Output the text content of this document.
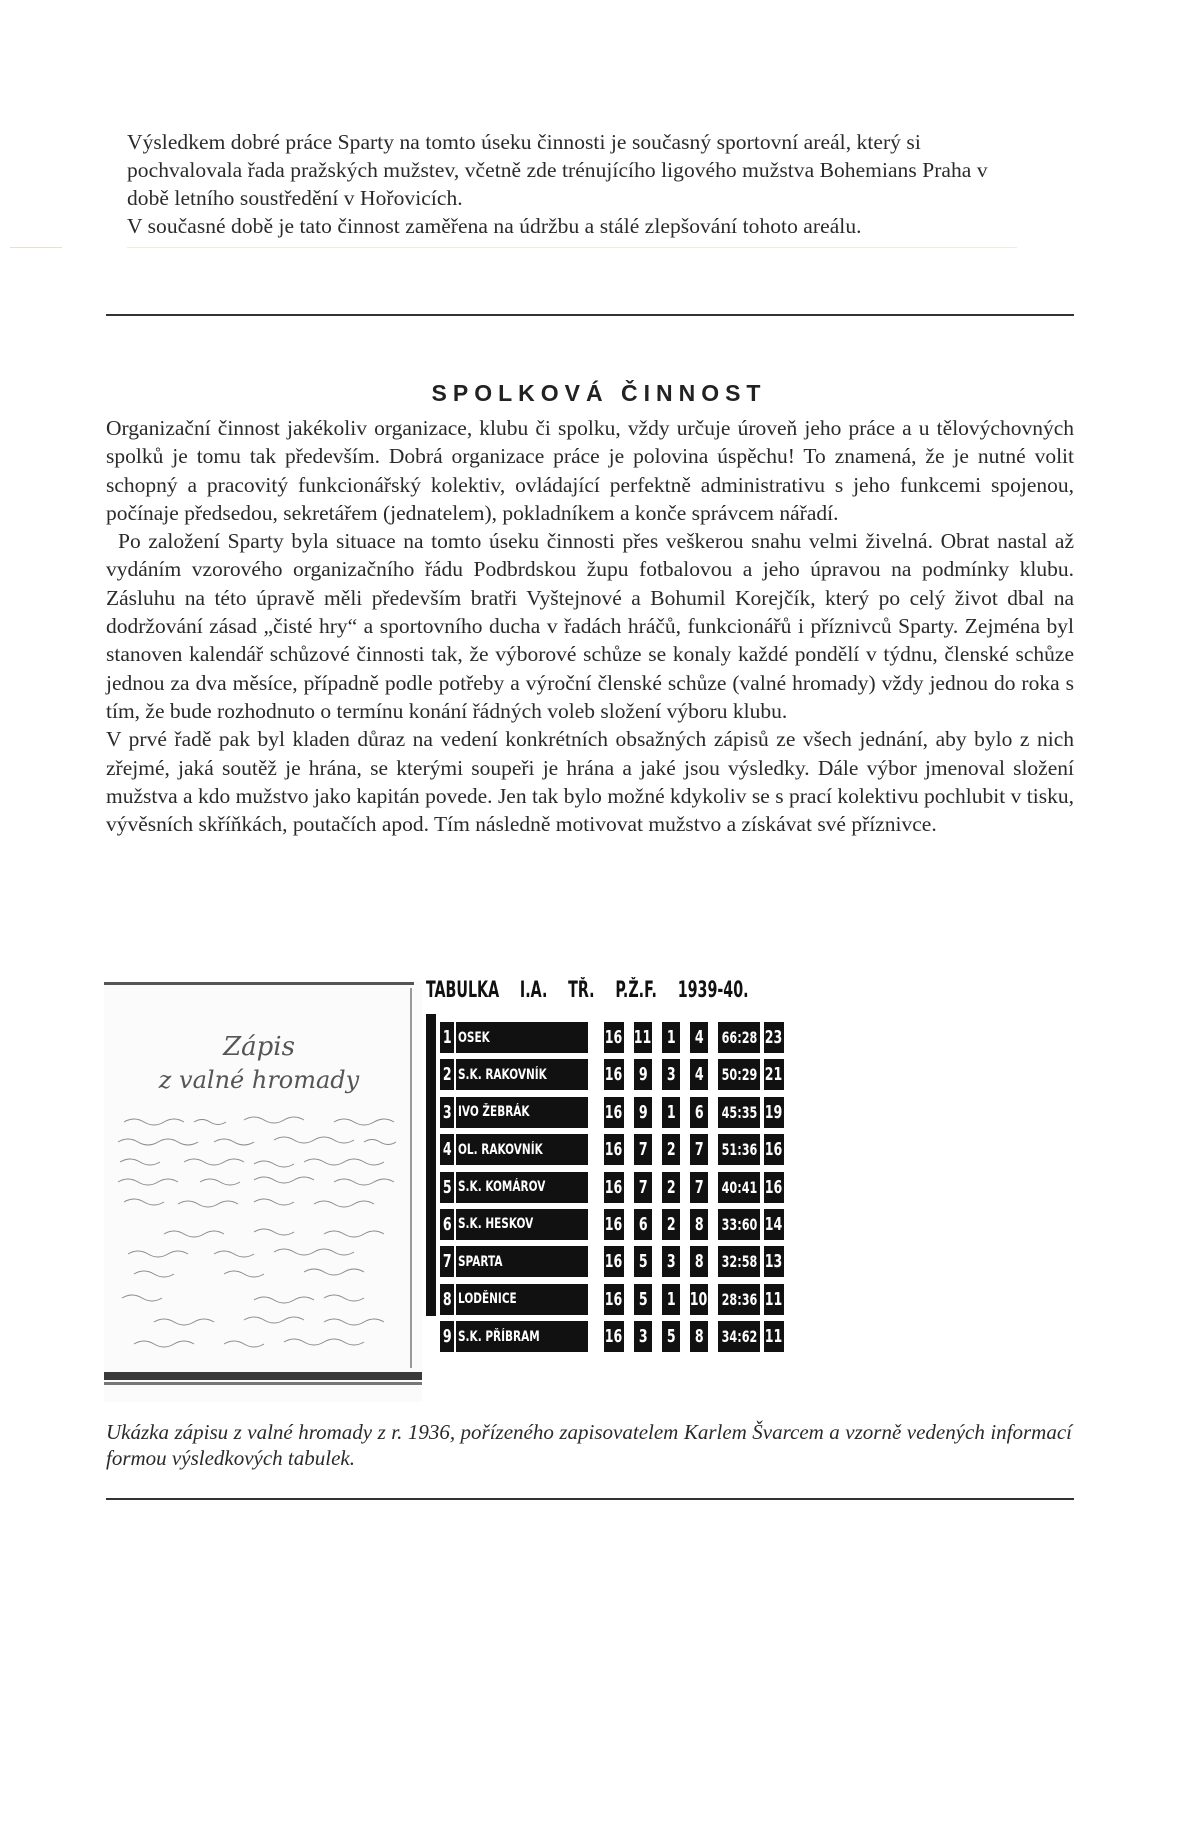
Výsledkem dobré práce Sparty na tomto úseku činnosti je současný sportovní areál, který si pochvalovala řada pražských mužstev, včetně zde trénujícího ligového mužstva Bohemians Praha v době letního soustředění v Hořovicích.

V současné době je tato činnost zaměřena na údržbu a stálé zlepšování tohoto areálu.

SPOLKOVÁ ČINNOST

Organizační činnost jakékoliv organizace, klubu či spolku, vždy určuje úroveň jeho práce a u tělovýchovných spolků je tomu tak především. Dobrá organizace práce je polovina úspěchu! To znamená, že je nutné volit schopný a pracovitý funkcionářský kolektiv, ovládající perfektně administrativu s jeho funkcemi spojenou, počínaje předsedou, sekretářem (jednatelem), pokladníkem a konče správcem nářadí.

Po založení Sparty byla situace na tomto úseku činnosti přes veškerou snahu velmi živelná. Obrat nastal až vydáním vzorového organizačního řádu Podbrdskou župu fotbalovou a jeho úpravou na podmínky klubu. Zásluhu na této úpravě měli především bratři Vyštejnové a Bohumil Korejčík, který po celý život dbal na dodržování zásad „čisté hry“ a sportovního ducha v řadách hráčů, funkcionářů i příznivců Sparty. Zejména byl stanoven kalendář schůzové činnosti tak, že výborové schůze se konaly každé pondělí v týdnu, členské schůze jednou za dva měsíce, případně podle potřeby a výroční členské schůze (valné hromady) vždy jednou do roka s tím, že bude rozhodnuto o termínu konání řádných voleb složení výboru klubu.

V prvé řadě pak byl kladen důraz na vedení konkrétních obsažných zápisů ze všech jednání, aby bylo z nich zřejmé, jaká soutěž je hrána, se kterými soupeři je hrána a jaké jsou výsledky. Dále výbor jmenoval složení mužstva a kdo mužstvo jako kapitán povede. Jen tak bylo možné kdykoliv se s prací kolektivu pochlubit v tisku, vývěsních skříňkách, poutačích apod. Tím následně motivovat mužstvo a získávat své příznivce.

Zápis
z valné hromady
TABULKA I.A. TŘ. P.Ž.F. 1939-40.
1 OSEK	16 11 1 4 66:28 23
2 S.K. RAKOVNÍK	16 9 3 4 50:29 21
3 IVO ŽEBRÁK	16 9 1 6 45:35 19
4 OL. RAKOVNÍK	16 7 2 7 51:36 16
5 S.K. KOMÁROV	16 7 2 7 40:41 16
6 S.K. HESKOV	16 6 2 8 33:60 14
7 SPARTA	16 5 3 8 32:58 13
8 LODĚNICE	16 5 1 10 28:36 11
9 S.K. PŘÍBRAM	16 3 5 8 34:62 11
Ukázka zápisu z valné hromady z r. 1936, pořízeného zapisovatelem Karlem Švarcem a vzorně vedených informací formou výsledkových tabulek.
